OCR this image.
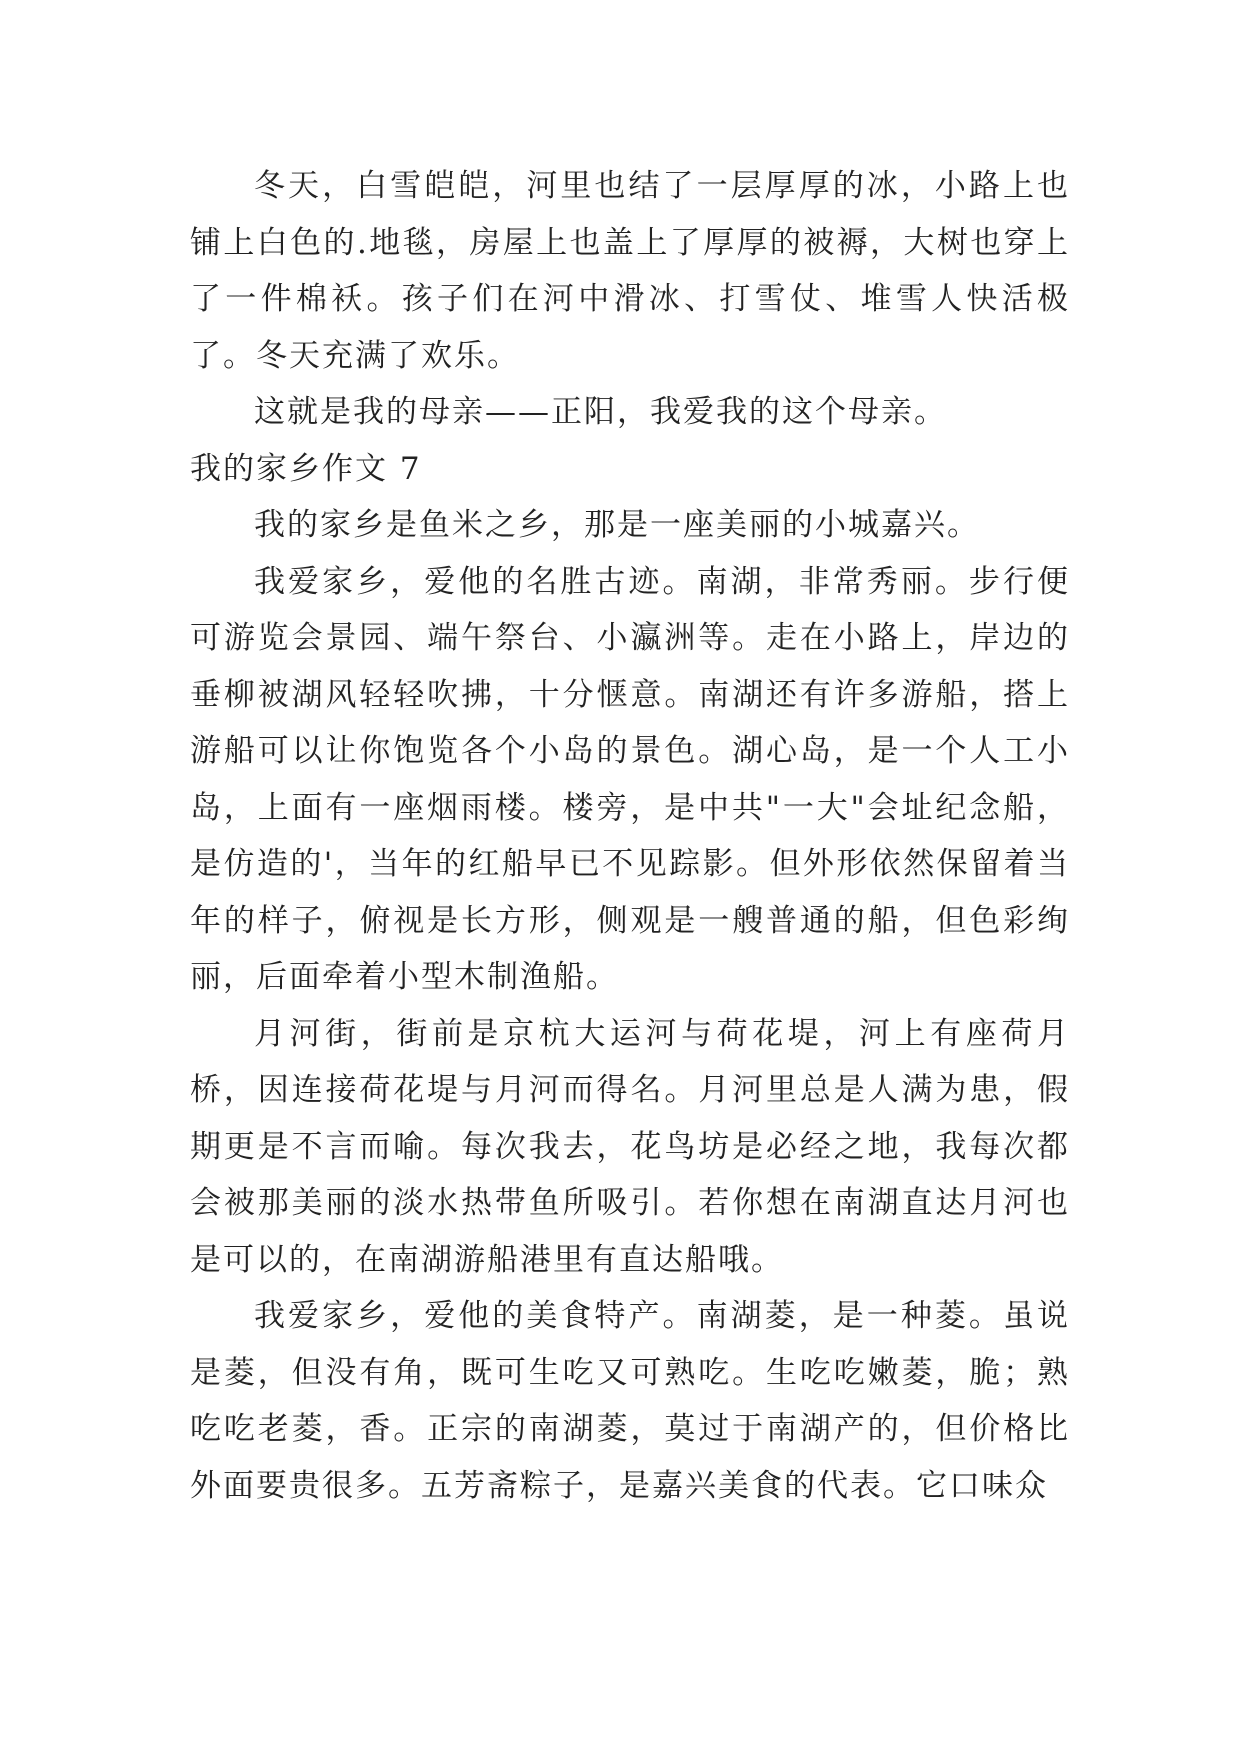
冬天，白雪皑皑，河里也结了一层厚厚的冰，小路上也铺上白色的.地毯，房屋上也盖上了厚厚的被褥，大树也穿上了一件棉袄。孩子们在河中滑冰、打雪仗、堆雪人快活极了。冬天充满了欢乐。

这就是我的母亲——正阳，我爱我的这个母亲。

我的家乡作文 7

我的家乡是鱼米之乡，那是一座美丽的小城嘉兴。

我爱家乡，爱他的名胜古迹。南湖，非常秀丽。步行便可游览会景园、端午祭台、小瀛洲等。走在小路上，岸边的垂柳被湖风轻轻吹拂，十分惬意。南湖还有许多游船，搭上游船可以让你饱览各个小岛的景色。湖心岛，是一个人工小岛，上面有一座烟雨楼。楼旁，是中共"一大"会址纪念船，是仿造的'，当年的红船早已不见踪影。但外形依然保留着当年的样子，俯视是长方形，侧观是一艘普通的船，但色彩绚丽，后面牵着小型木制渔船。

月河街，街前是京杭大运河与荷花堤，河上有座荷月桥，因连接荷花堤与月河而得名。月河里总是人满为患，假期更是不言而喻。每次我去，花鸟坊是必经之地，我每次都会被那美丽的淡水热带鱼所吸引。若你想在南湖直达月河也是可以的，在南湖游船港里有直达船哦。

我爱家乡，爱他的美食特产。南湖菱，是一种菱。虽说是菱，但没有角，既可生吃又可熟吃。生吃吃嫩菱，脆；熟吃吃老菱，香。正宗的南湖菱，莫过于南湖产的，但价格比外面要贵很多。五芳斋粽子，是嘉兴美食的代表。它口味众
